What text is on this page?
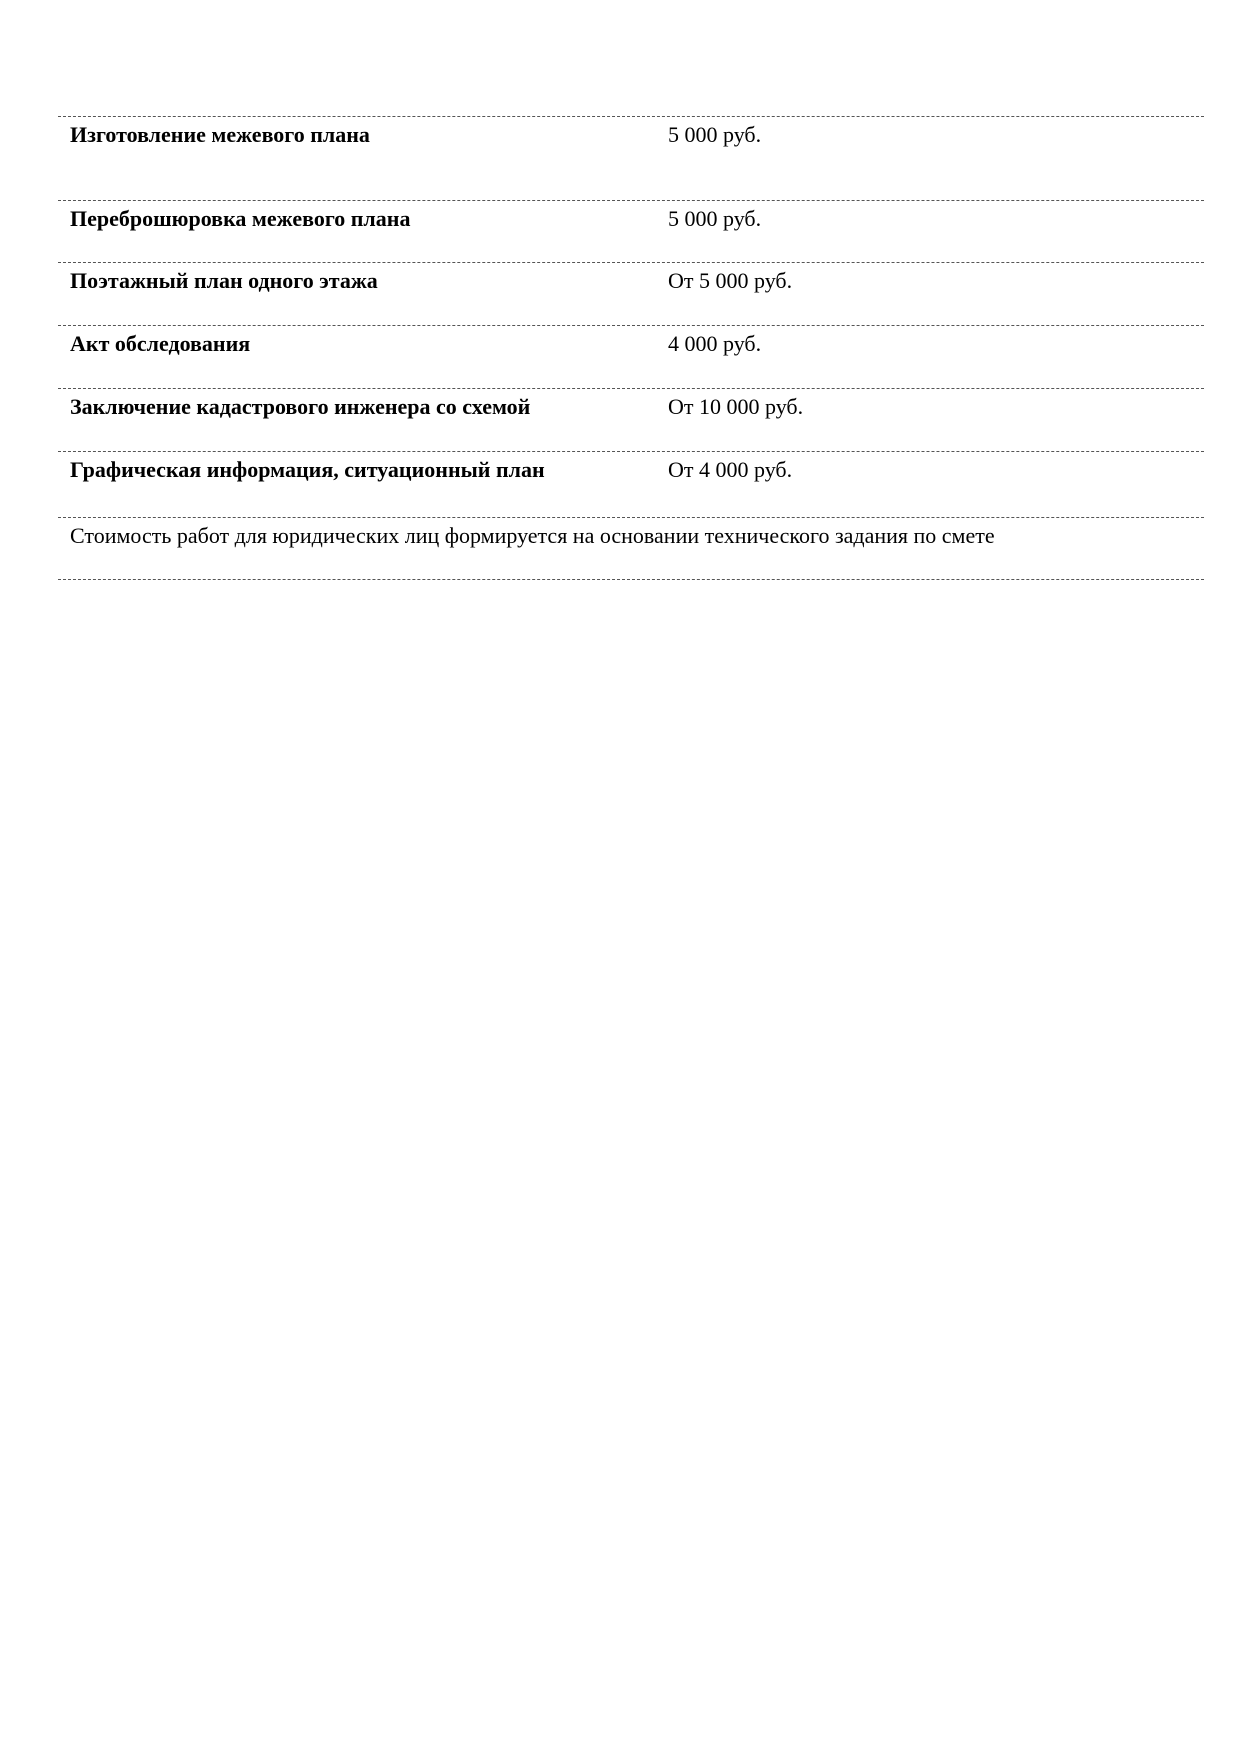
Изготовление межевого плана	5 000 руб.
Переброшюровка межевого плана	5 000 руб.
Поэтажный план одного этажа	От 5 000 руб.
Акт обследования	4 000 руб.
Заключение кадастрового инженера со схемой	От 10 000 руб.
Графическая информация, ситуационный план	От 4 000 руб.
Стоимость работ для юридических лиц формируется на основании технического задания по смете
